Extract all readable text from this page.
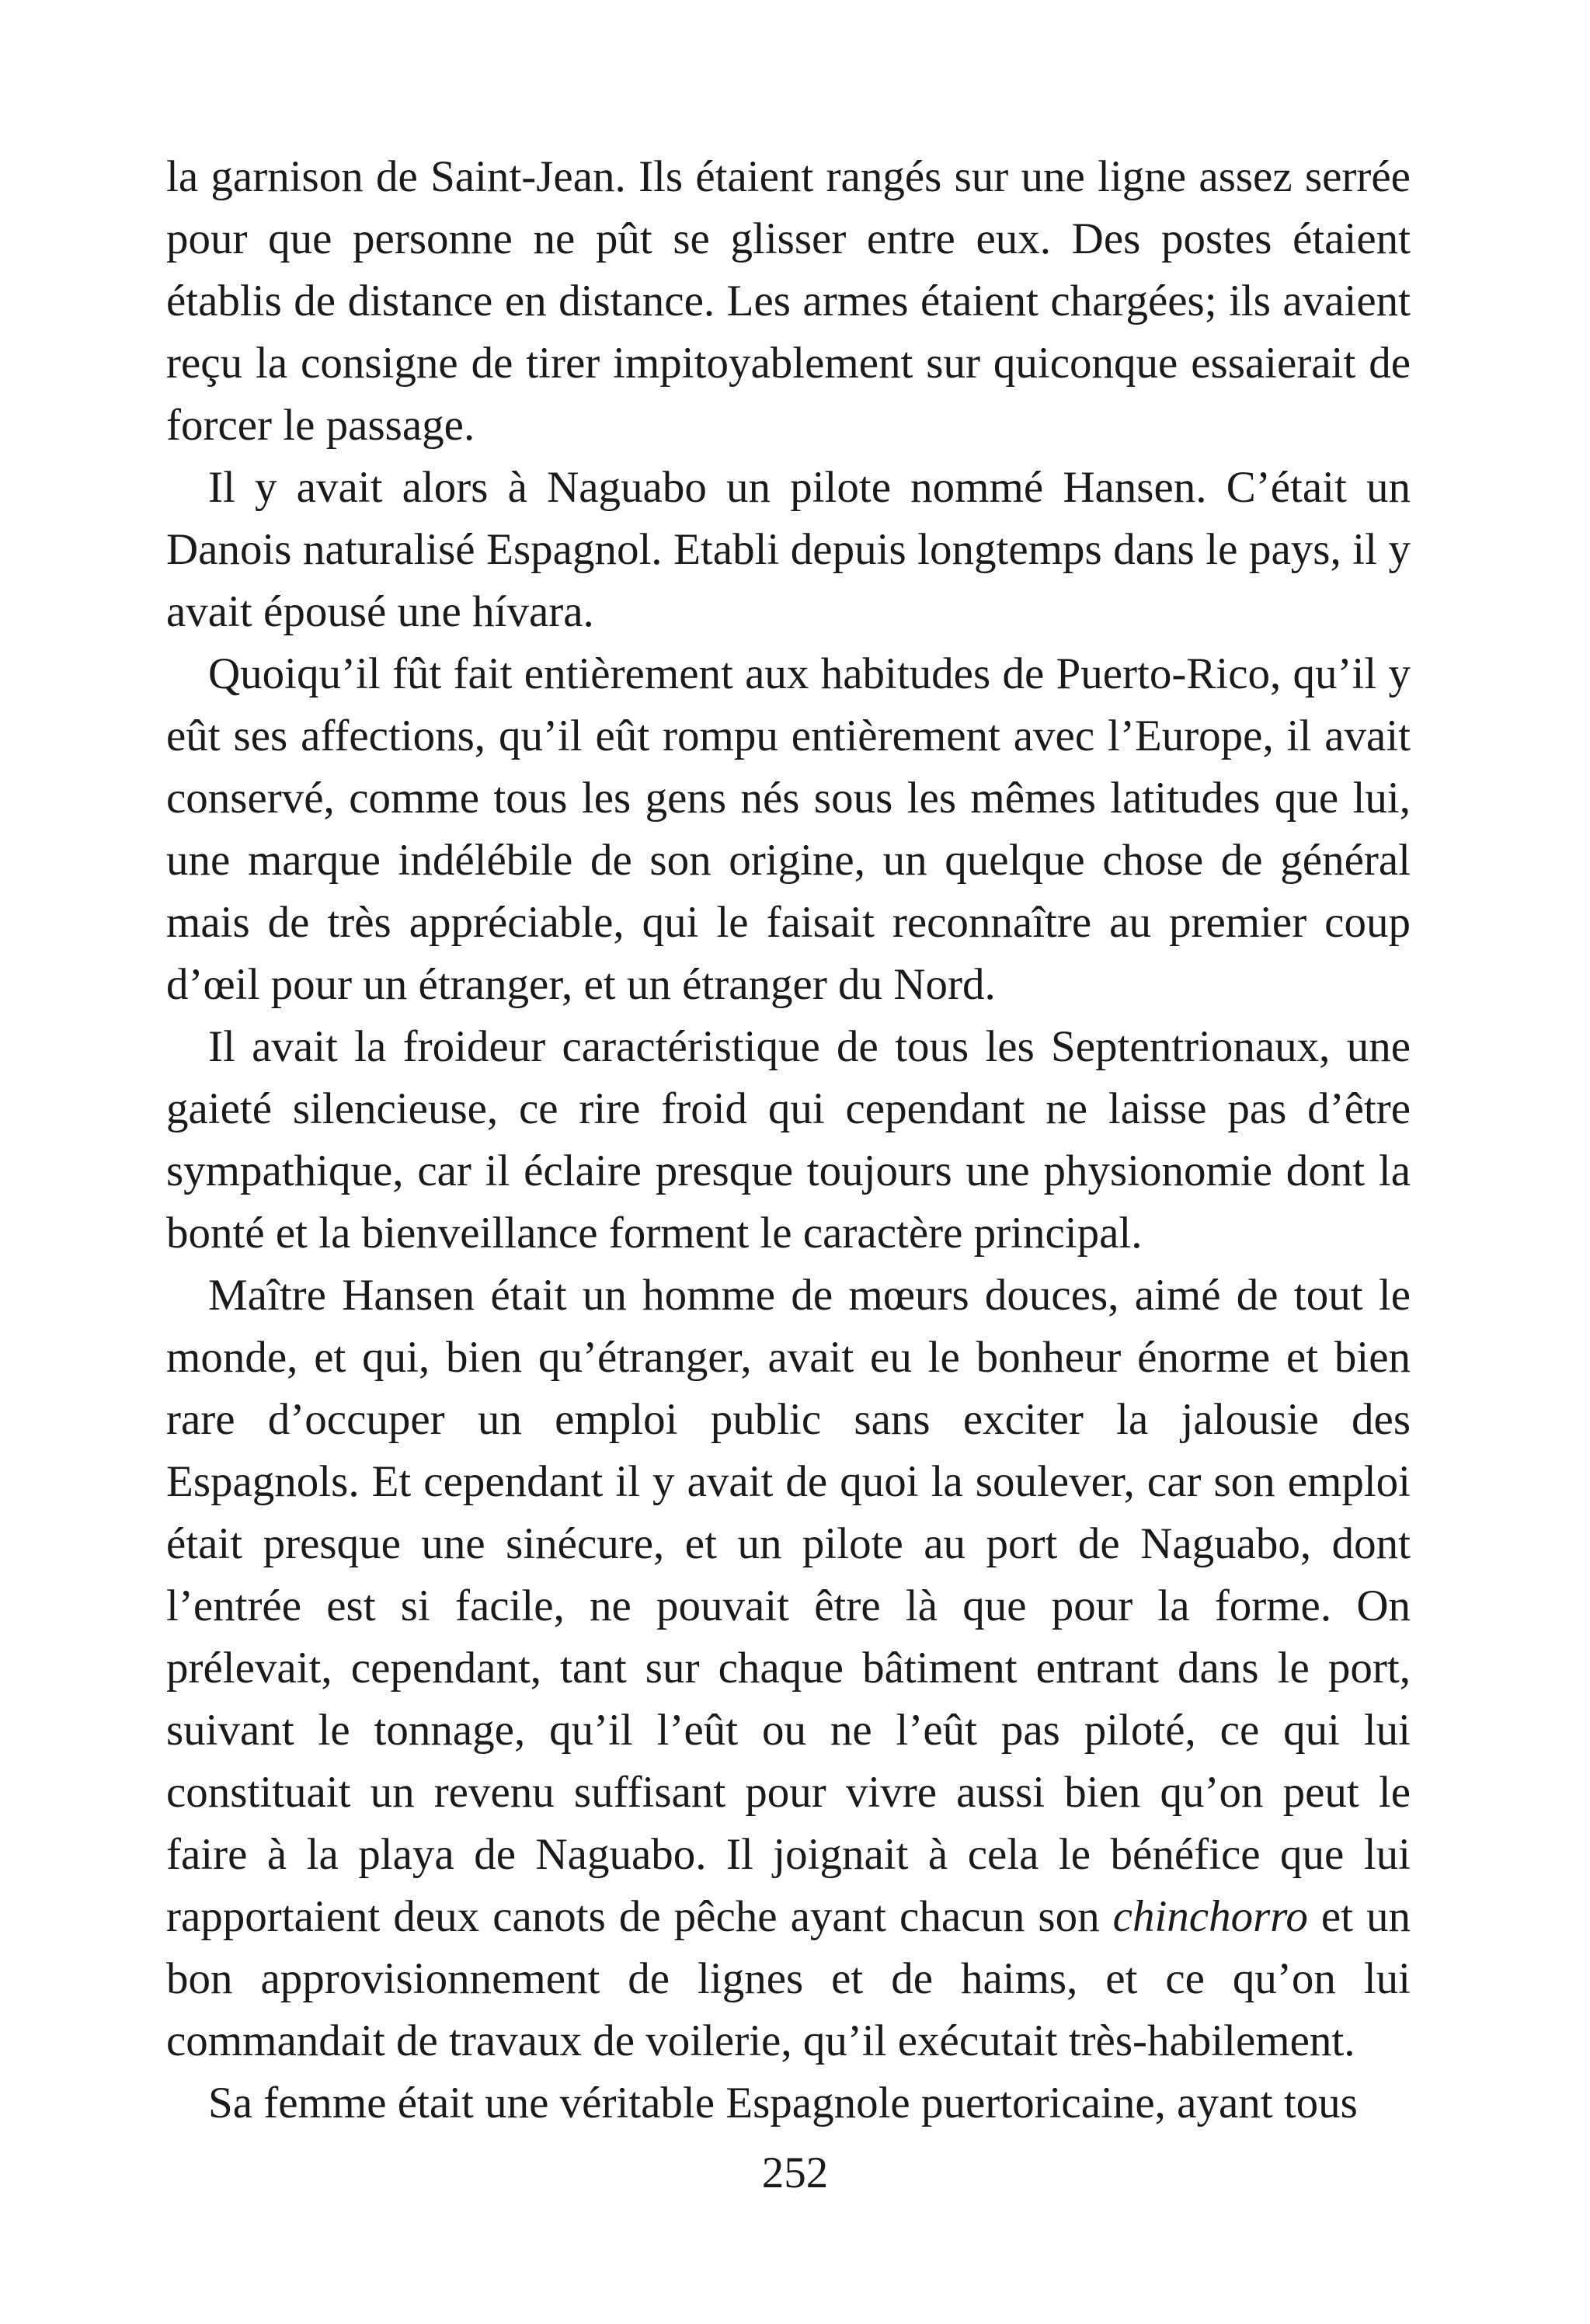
la garnison de Saint-Jean. Ils étaient rangés sur une ligne assez serrée pour que personne ne pût se glisser entre eux. Des postes étaient établis de distance en distance. Les armes étaient chargées; ils avaient reçu la consigne de tirer impitoyablement sur quiconque essaierait de forcer le passage.

Il y avait alors à Naguabo un pilote nommé Hansen. C’était un Danois naturalisé Espagnol. Etabli depuis longtemps dans le pays, il y avait épousé une hívara.

Quoiqu’il fût fait entièrement aux habitudes de Puerto-Rico, qu’il y eût ses affections, qu’il eût rompu entièrement avec l’Europe, il avait conservé, comme tous les gens nés sous les mêmes latitudes que lui, une marque indélébile de son origine, un quelque chose de général mais de très appréciable, qui le faisait reconnaître au premier coup d’œil pour un étranger, et un étranger du Nord.

Il avait la froideur caractéristique de tous les Septentrionaux, une gaieté silencieuse, ce rire froid qui cependant ne laisse pas d’être sympathique, car il éclaire presque toujours une physionomie dont la bonté et la bienveillance forment le caractère principal.

Maître Hansen était un homme de mœurs douces, aimé de tout le monde, et qui, bien qu’étranger, avait eu le bonheur énorme et bien rare d’occuper un emploi public sans exciter la jalousie des Espagnols. Et cependant il y avait de quoi la soulever, car son emploi était presque une sinécure, et un pilote au port de Naguabo, dont l’entrée est si facile, ne pouvait être là que pour la forme. On prélevait, cependant, tant sur chaque bâtiment entrant dans le port, suivant le tonnage, qu’il l’eût ou ne l’eût pas piloté, ce qui lui constituait un revenu suffisant pour vivre aussi bien qu’on peut le faire à la playa de Naguabo. Il joignait à cela le bénéfice que lui rapportaient deux canots de pêche ayant chacun son chinchorro et un bon approvisionnement de lignes et de haims, et ce qu’on lui commandait de travaux de voilerie, qu’il exécutait très-habilement.

Sa femme était une véritable Espagnole puertoricaine, ayant tous

252
